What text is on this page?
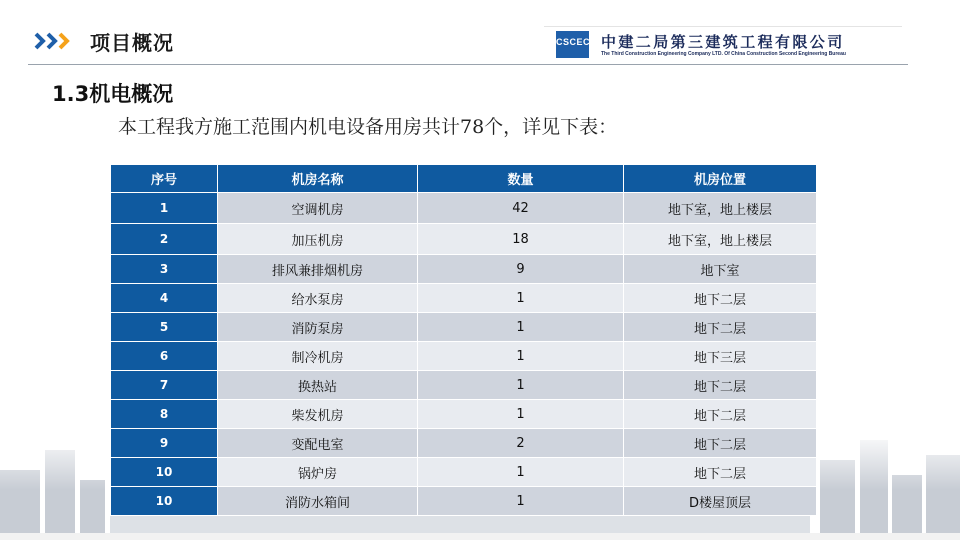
项目概况	CSCEC 中建二局第三建筑工程有限公司
The Third Construction Engineering Company LTD. Of China Construction Second Engineering Bureau
1.3机电概况
本工程我方施工范围内机电设备用房共计78个，详见下表：
序号	机房名称	数量	机房位置
1	空调机房	42	地下室，地上楼层
2	加压机房	18	地下室，地上楼层
3	排风兼排烟机房	9	地下室
4	给水泵房	1	地下二层
5	消防泵房	1	地下二层
6	制冷机房	1	地下三层
7	换热站	1	地下二层
8	柴发机房	1	地下二层
9	变配电室	2	地下二层
10	锅炉房	1	地下二层
10	消防水箱间	1	D楼屋顶层
